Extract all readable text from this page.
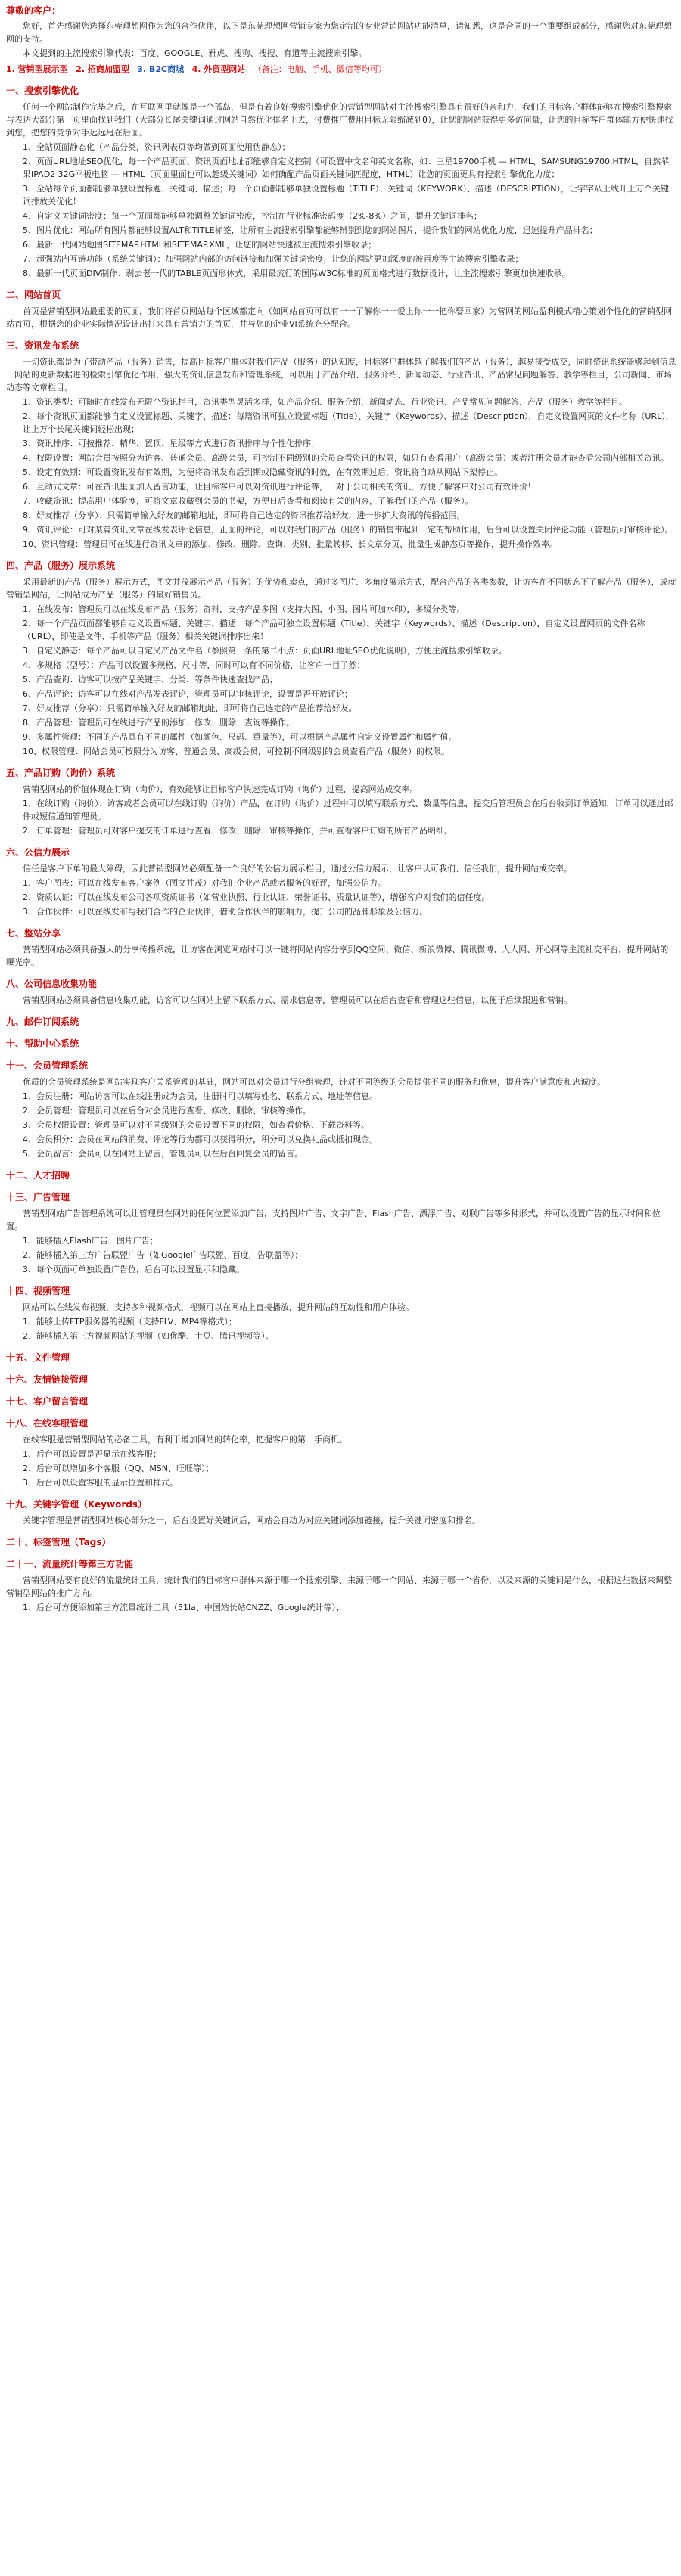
尊敬的客户：
您好，首先感谢您选择东莞理想网作为您的合作伙伴，以下是东莞理想网营销专家为您定制的专业营销网站功能清单，请知悉，这是合同的一个重要组成部分，感谢您对东莞理想网的支持。
本文提到的主流搜索引擎代表：百度、GOOGLE、雅虎、搜狗、搜搜、有道等主流搜索引擎。
1. 营销型展示型 2. 招商加盟型 3. B2C商城 4. 外贸型网站 （备注：电脑、手机、微信等均可）
一、搜索引擎优化
任何一个网站制作完毕之后，在互联网里就像是一个孤岛，但是有着良好搜索引擎优化的营销型网站对主流搜索引擎具有很好的亲和力，我们的目标客户群体能够在搜索引擎搜索与表达大部分第一页里面找到我们（大部分长尾关键词通过网站自然优化排名上去，付费推广费用目标无限缩减到0），让您的网站获得更多访问量，让您的目标客户群体能方便快速找到您，把您的竞争对手远远甩在后面。
1、全站页面静态化（产品分类，资讯列表页等均做到页面使用伪静态）；
2、页面URL地址SEO优化，每一个产品页面、资讯页面地址都能够自定义控制（可设置中文名和英文名称，如：三星19700手机 — HTML、SAMSUNG19700.HTML，自然苹果IPAD2 32G平板电脑 — HTML（页面里面也可以超级关键词）如何确配产品页面关键词匹配度，HTML）让您的页面更具有搜索引擎优化力度；
3、全站每个页面都能够单独设置标题、关键词、描述；每一个页面都能够单独设置标题（TITLE）、关键词（KEYWORK）、描述（DESCRIPTION），让字字从上线开上万个关键词排放关优化！
4、自定义关键词密度：每一个页面都能够单独调整关键词密度，控制在行业标准密码度（2%-8%）之间，提升关键词排名；
5、图片优化：网站所有图片都能够设置ALT和TITLE标签，让所有主流搜索引擎都能够辨别到您的网站图片，提升我们的网站优化力度，迅速提升产品排名；
6、最新一代网站地图SITEMAP.HTML和SITEMAP.XML，让您的网站快速被主流搜索引擎收录；
7、超强站内互链功能（系统关键词）：加强网站内部的访问链接和加强关键词密度，让您的网站更加深度的被百度等主流搜索引擎收录；
8、最新一代页面DIV制作：剥去老一代的TABLE页面形体式，采用最流行的国际W3C标准的页面格式进行数据设计，让主流搜索引擎更加快速收录。
二、网站首页
首页是营销型网站最重要的页面，我们将首页网站每个区域都定向（如网站首页可以有一一了解你一一爱上你一一把你娶回家）为营网的网站盈利模式精心策划个性化的营销型网站首页，根据您的企业实际情况设计出打来具有营销力的首页，并与您的企业VI系统充分配合。
三、资讯发布系统
一切资讯都是为了带动产品（服务）销售，提高目标客户群体对我们产品（服务）的认知度，目标客户群体越了解我们的产品（服务），越易接受成交，同时资讯系统能够起到信息一网站的更新数据进的检索引擎优化作用，强大的资讯信息发布和管理系统，可以用于产品介绍、服务介绍、新闻动态、行业资讯、产品常见问题解答、教学等栏目，公司新闻、市场动态等文章栏目。
1、资讯类型：可随时在线发布无限个资讯栏目，资讯类型灵活多样，如产品介绍、服务介绍、新闻动态、行业资讯、产品常见问题解答、产品（服务）教学等栏目。
2、每个资讯页面都能够自定义设置标题、关键字、描述：每篇资讯可独立设置标题（Title）、关键字（Keywords）、描述（Description），自定义设置网页的文件名称（URL），让上万个长尾关键词轻松出现；
3、资讯排序：可按推荐、精华、置顶、星级等方式进行资讯排序与个性化排序；
4、权限设置：网站会员按照分为访客、普通会员、高级会员，可控制不同级别的会员查看资讯的权限，如只有查看用户（高级会员）或者注册会员才能查看公司内部相关资讯。
5、设定有效期：可设置资讯发布有效期，为便将资讯发布后到期或隐藏资讯的时效，在有效期过后，资讯将自动从网站下架停止。
6、互动式文章：可在资讯里面加入留言功能，让目标客户可以对资讯进行评论等，一对于公司相关的资讯，方便了解客户对公司有效评价！
7、收藏资讯：提高用户体验度，可将文章收藏到会员的书架，方便日后查看和阅读有关的内容，了解我们的产品（服务）。
8、好友推荐（分享）：只需简单输入好友的邮箱地址，即可将自己选定的资讯推荐给好友，进一步扩大资讯的传播范围。
9、资讯评论：可对某篇资讯文章在线发表评论信息，正面的评论，可以对我们的产品（服务）的销售带起到一定的帮助作用，后台可以设置关闭评论功能（管理员可审核评论）。
10、资讯管理：管理员可在线进行资讯文章的添加、修改、删除、查询、类别、批量转移、长文章分页、批量生成静态页等操作，提升操作效率。
四、产品（服务）展示系统
采用最新的产品（服务）展示方式，图文并茂展示产品（服务）的优势和卖点，通过多图片、多角度展示方式，配合产品的各类参数，让访客在不同状态下了解产品（服务），成就营销型网站，让网站成为产品（服务）的最好销售员。
1、在线发布：管理员可以在线发布产品（服务）资料，支持产品多图（支持大图、小图、图片可加水印），多级分类等。
2、每一个产品页面都能够自定义设置标题、关键字、描述：每个产品可独立设置标题（Title）、关键字（Keywords）、描述（Description），自定义设置网页的文件名称（URL），即使是文件、手机等产品（服务）相关关键词排序出来！
3、自定义静态：每个产品可以自定义产品文件名（参照第一条的第二小点：页面URL地址SEO优化说明），方便主流搜索引擎收录。
4、多规格（型号）：产品可以设置多规格、尺寸等，同时可以有不同价格，让客户一目了然；
5、产品查询：访客可以按产品关键字、分类、等条件快速查找产品；
6、产品评论：访客可以在线对产品发表评论，管理员可以审核评论，设置是否开放评论；
7、好友推荐（分享）：只需简单输入好友的邮箱地址，即可将自己选定的产品推荐给好友。
8、产品管理：管理员可在线进行产品的添加、修改、删除、查询等操作。
9、多属性管理：不同的产品具有不同的属性（如颜色、尺码、重量等），可以根据产品属性自定义设置属性和属性值。
10、权限管理：网站会员可按照分为访客、普通会员、高级会员，可控制不同级别的会员查看产品（服务）的权限。
五、产品订购（询价）系统
营销型网站的价值体现在订购（询价），有效能够让目标客户快速完成订购（询价）过程，提高网站成交率。
1、在线订购（询价）：访客或者会员可以在线订购（询价）产品，在订购（询价）过程中可以填写联系方式、数量等信息，提交后管理员会在后台收到订单通知，订单可以通过邮件或短信通知管理员。
2、订单管理：管理员可对客户提交的订单进行查看、修改、删除、审核等操作，并可查看客户订购的所有产品明细。
六、公信力展示
信任是客户下单的最大障碍，因此营销型网站必须配备一个良好的公信力展示栏目，通过公信力展示，让客户认可我们、信任我们，提升网站成交率。
1、客户图表：可以在线发布客户案例（图文并茂）对我们企业产品或者服务的好评，加强公信力。
2、资质认证：可以在线发布公司各项资质证书（如营业执照、行业认证、荣誉证书、质量认证等），增强客户对我们的信任度。
3、合作伙伴：可以在线发布与我们合作的企业伙伴，借助合作伙伴的影响力，提升公司的品牌形象及公信力。
七、整站分享
营销型网站必须具备强大的分享传播系统，让访客在浏览网站时可以一键将网站内容分享到QQ空间、微信、新浪微博、腾讯微博、人人网、开心网等主流社交平台，提升网站的曝光率。
八、公司信息收集功能
营销型网站必须具备信息收集功能，访客可以在网站上留下联系方式、需求信息等，管理员可以在后台查看和管理这些信息，以便于后续跟进和营销。
九、邮件订阅系统
十、帮助中心系统
十一、会员管理系统
优质的会员管理系统是网站实现客户关系管理的基础，网站可以对会员进行分组管理，针对不同等级的会员提供不同的服务和优惠，提升客户满意度和忠诚度。
1、会员注册：网站访客可以在线注册成为会员，注册时可以填写姓名、联系方式、地址等信息。
2、会员管理：管理员可以在后台对会员进行查看、修改、删除、审核等操作。
3、会员权限设置：管理员可以对不同级别的会员设置不同的权限，如查看价格、下载资料等。
4、会员积分：会员在网站的消费、评论等行为都可以获得积分，积分可以兑换礼品或抵扣现金。
5、会员留言：会员可以在网站上留言，管理员可以在后台回复会员的留言。
十二、人才招聘
十三、广告管理
营销型网站广告管理系统可以让管理员在网站的任何位置添加广告，支持图片广告、文字广告、Flash广告、漂浮广告、对联广告等多种形式，并可以设置广告的显示时间和位置。
1、能够插入Flash广告、图片广告；
2、能够插入第三方广告联盟广告（如Google广告联盟、百度广告联盟等）；
3、每个页面可单独设置广告位，后台可以设置显示和隐藏。
十四、视频管理
网站可以在线发布视频，支持多种视频格式，视频可以在网站上直接播放，提升网站的互动性和用户体验。
1、能够上传FTP服务器的视频（支持FLV、MP4等格式）；
2、能够插入第三方视频网站的视频（如优酷、土豆、腾讯视频等）。
十五、文件管理
十六、友情链接管理
十七、客户留言管理
十八、在线客服管理
在线客服是营销型网站的必备工具，有利于增加网站的转化率，把握客户的第一手商机。
1、后台可以设置是否显示在线客服；
2、后台可以增加多个客服（QQ、MSN、旺旺等）；
3、后台可以设置客服的显示位置和样式。
十九、关键字管理（Keywords）
关键字管理是营销型网站核心部分之一，后台设置好关键词后，网站会自动为对应关键词添加链接，提升关键词密度和排名。
二十、标签管理（Tags）
二十一、流量统计等第三方功能
营销型网站要有良好的流量统计工具，统计我们的目标客户群体来源于哪一个搜索引擎、来源于哪一个网站、来源于哪一个省份，以及来源的关键词是什么，根据这些数据来调整营销型网站的推广方向。
1、后台可方便添加第三方流量统计工具（51la、中国站长站CNZZ、Google统计等）；
